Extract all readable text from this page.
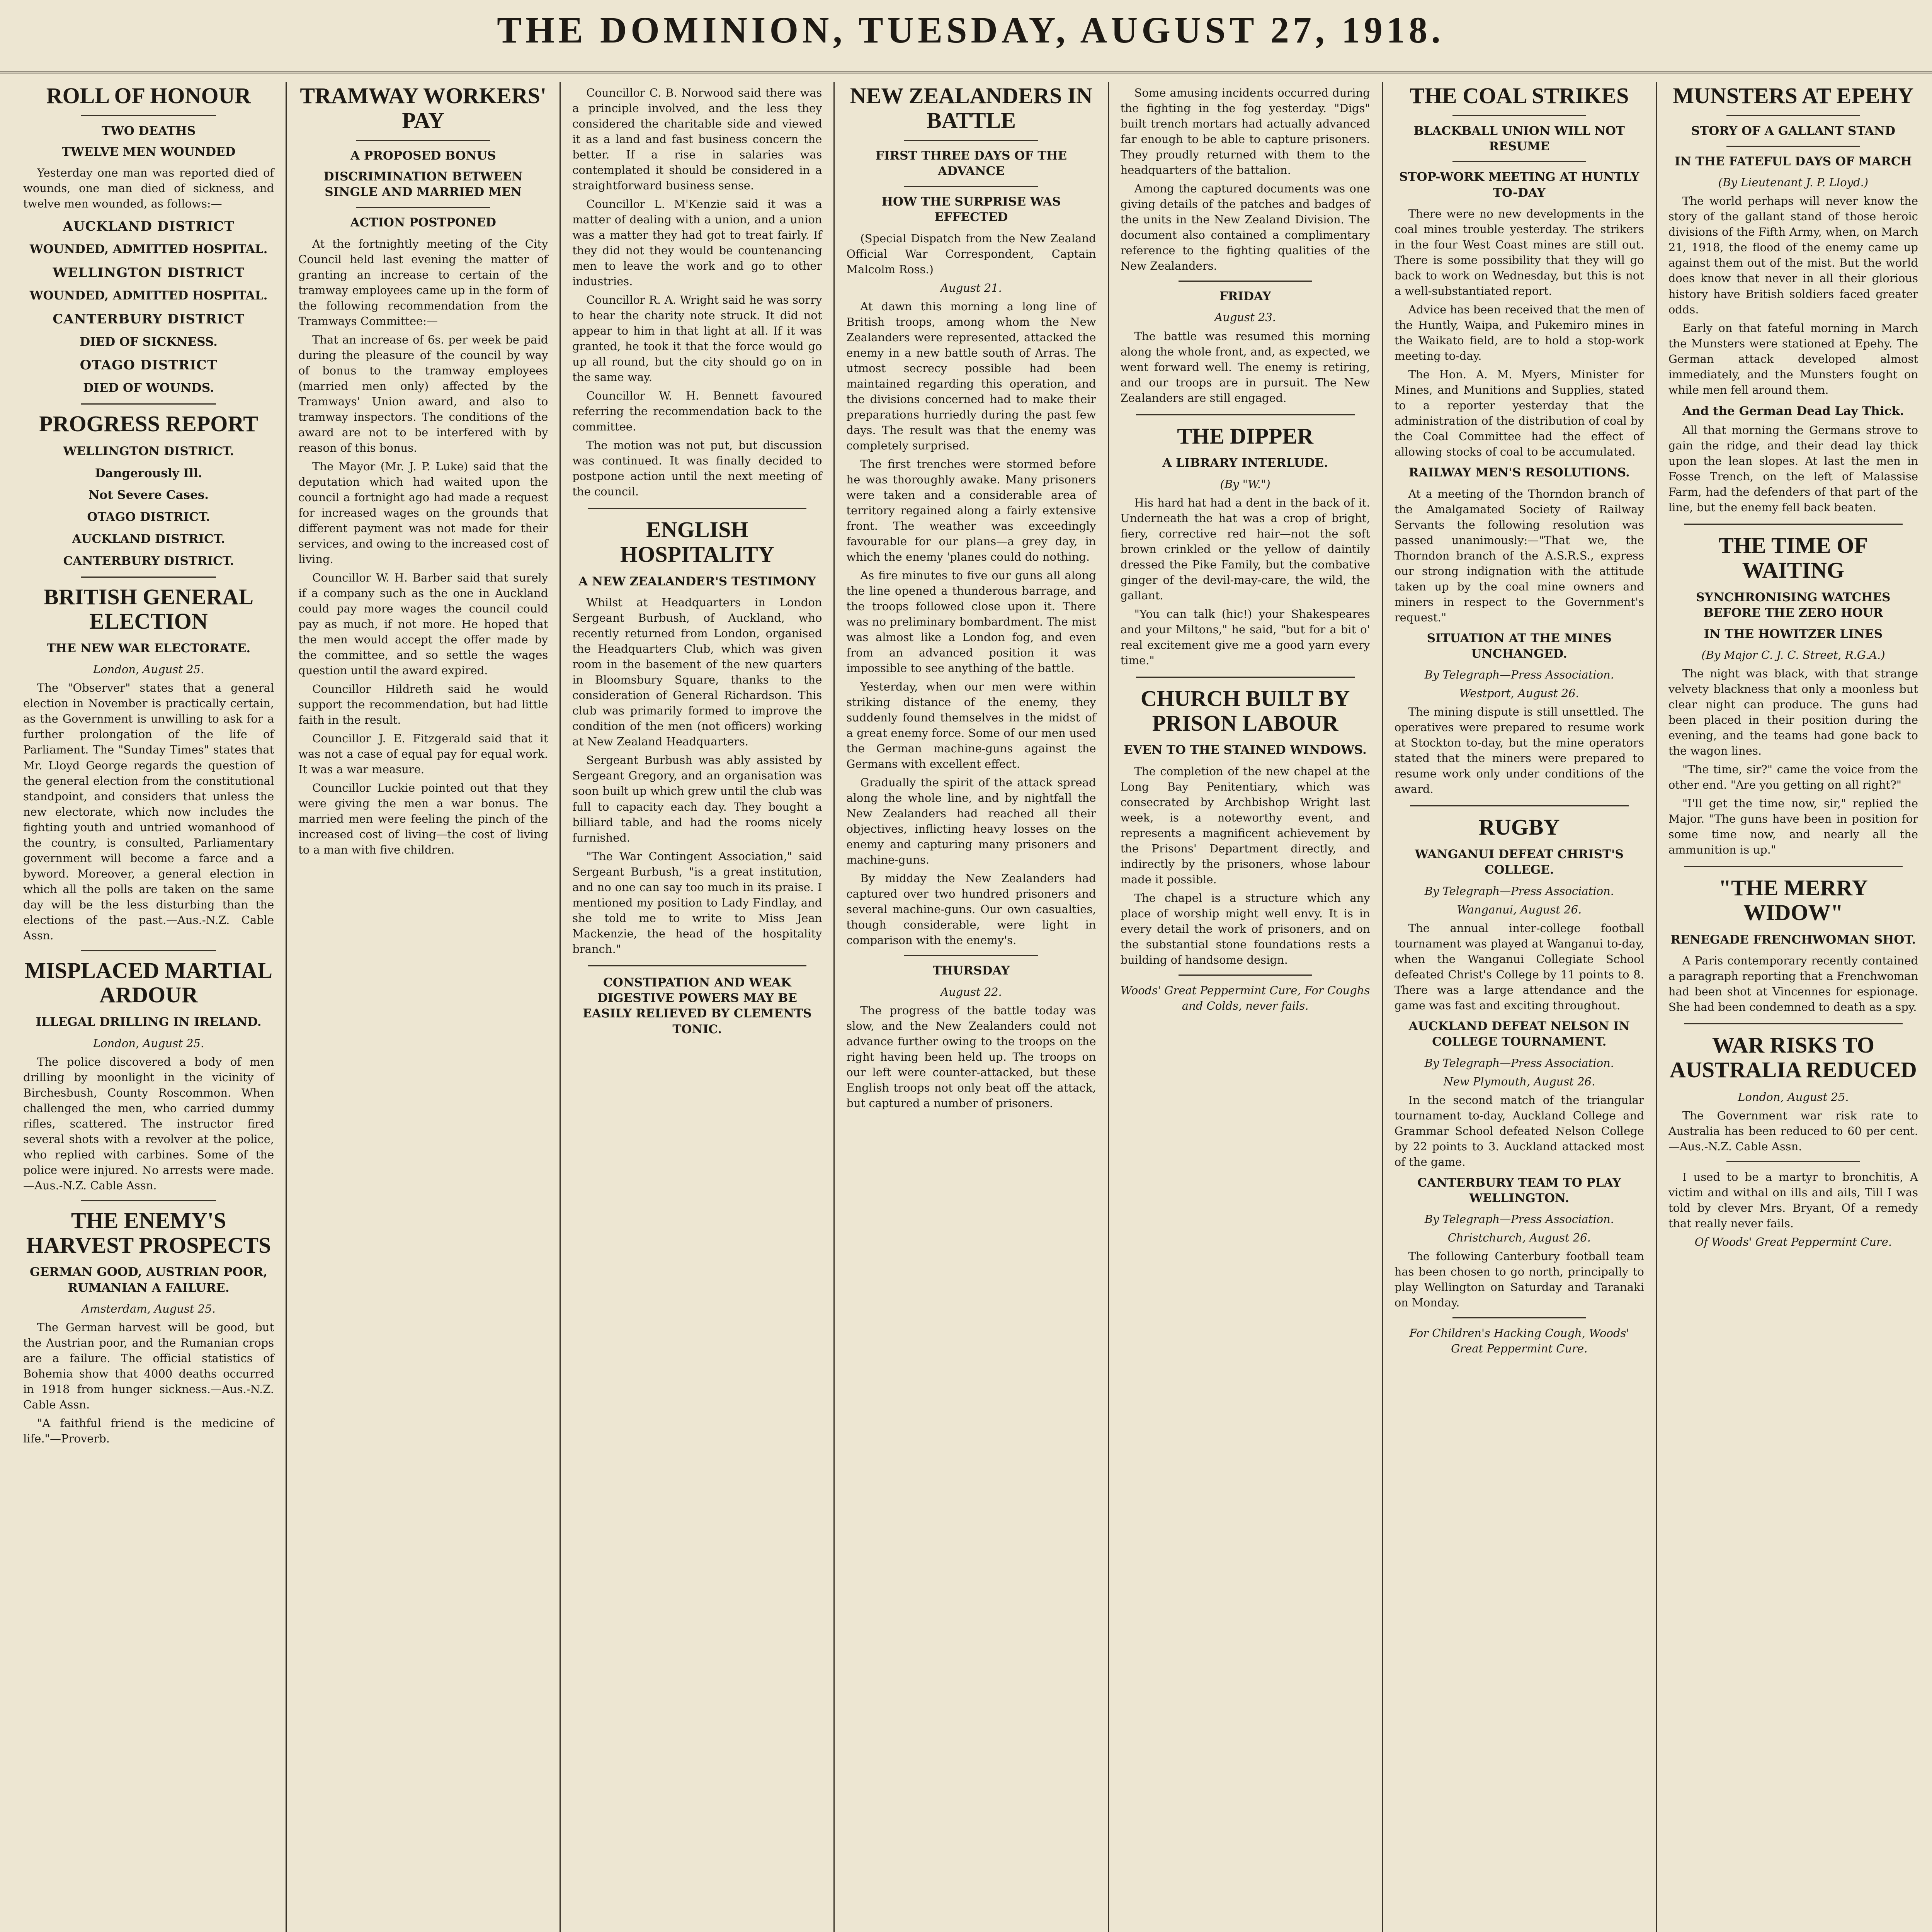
THE DOMINION, TUESDAY, AUGUST 27, 1918.
ROLL OF HONOUR
TWO DEATHS
TWELVE MEN WOUNDED
Yesterday one man was reported died of wounds, one man died of sickness, and twelve men wounded, as follows:—
AUCKLAND DISTRICT
WOUNDED, ADMITTED HOSPITAL.
WELLINGTON DISTRICT
WOUNDED, ADMITTED HOSPITAL.
CANTERBURY DISTRICT
DIED OF SICKNESS.
OTAGO DISTRICT
DIED OF WOUNDS.
PROGRESS REPORT
WELLINGTON DISTRICT.
Dangerously Ill.
Not Severe Cases.
OTAGO DISTRICT.
AUCKLAND DISTRICT.
CANTERBURY DISTRICT.
BRITISH GENERAL ELECTION
THE NEW WAR ELECTORATE.
London, August 25.
The "Observer" states that a general election in November is practically certain, as the Government is unwilling to ask for a further prolongation of the life of Parliament. The "Sunday Times" states that Mr. Lloyd George regards the question of the general election from the constitutional standpoint, and considers that unless the new electorate, which now includes the fighting youth and untried womanhood of the country, is consulted, Parliamentary government will become a farce and a byword. Moreover, a general election in which all the polls are taken on the same day will be the less disturbing than the elections of the past.—Aus.-N.Z. Cable Assn.
MISPLACED MARTIAL ARDOUR
ILLEGAL DRILLING IN IRELAND.
London, August 25.
The police discovered a body of men drilling by moonlight in the vicinity of Birchesbush, County Roscommon. When challenged the men, who carried dummy rifles, scattered. The instructor fired several shots with a revolver at the police, who replied with carbines. Some of the police were injured. No arrests were made.—Aus.-N.Z. Cable Assn.
THE ENEMY'S HARVEST PROSPECTS
GERMAN GOOD, AUSTRIAN POOR, RUMANIAN A FAILURE.
Amsterdam, August 25.
The German harvest will be good, but the Austrian poor, and the Rumanian crops are a failure. The official statistics of Bohemia show that 4000 deaths occurred in 1918 from hunger sickness.—Aus.-N.Z. Cable Assn.
"A faithful friend is the medicine of life."—Proverb.
TRAMWAY WORKERS' PAY
A PROPOSED BONUS
DISCRIMINATION BETWEEN SINGLE AND MARRIED MEN
ACTION POSTPONED
At the fortnightly meeting of the City Council held last evening the matter of granting an increase to certain of the tramway employees came up in the form of the following recommendation from the Tramways Committee:—
That an increase of 6s. per week be paid during the pleasure of the council by way of bonus to the tramway employees (married men only) affected by the Tramways' Union award, and also to tramway inspectors. The conditions of the award are not to be interfered with by reason of this bonus.
The Mayor (Mr. J. P. Luke) said that the deputation which had waited upon the council a fortnight ago had made a request for increased wages on the grounds that different payment was not made for their services, and owing to the increased cost of living.
Councillor W. H. Barber said that surely if a company such as the one in Auckland could pay more wages the council could pay as much, if not more. He hoped that the men would accept the offer made by the committee, and so settle the wages question until the award expired.
Councillor Hildreth said he would support the recommendation, but had little faith in the result.
Councillor J. E. Fitzgerald said that it was not a case of equal pay for equal work. It was a war measure.
Councillor Luckie pointed out that they were giving the men a war bonus. The married men were feeling the pinch of the increased cost of living—the cost of living to a man with five children.
Councillor C. B. Norwood said there was a principle involved, and the less they considered the charitable side and viewed it as a land and fast business concern the better. If a rise in salaries was contemplated it should be considered in a straightforward business sense.
Councillor L. M'Kenzie said it was a matter of dealing with a union, and a union was a matter they had got to treat fairly. If they did not they would be countenancing men to leave the work and go to other industries.
Councillor R. A. Wright said he was sorry to hear the charity note struck. It did not appear to him in that light at all. If it was granted, he took it that the force would go up all round, but the city should go on in the same way.
Councillor W. H. Bennett favoured referring the recommendation back to the committee.
The motion was not put, but discussion was continued. It was finally decided to postpone action until the next meeting of the council.
ENGLISH HOSPITALITY
A NEW ZEALANDER'S TESTIMONY
Whilst at Headquarters in London Sergeant Burbush, of Auckland, who recently returned from London, organised the Headquarters Club, which was given room in the basement of the new quarters in Bloomsbury Square, thanks to the consideration of General Richardson. This club was primarily formed to improve the condition of the men (not officers) working at New Zealand Headquarters.
Sergeant Burbush was ably assisted by Sergeant Gregory, and an organisation was soon built up which grew until the club was full to capacity each day. They bought a billiard table, and had the rooms nicely furnished.
"The War Contingent Association," said Sergeant Burbush, "is a great institution, and no one can say too much in its praise. I mentioned my position to Lady Findlay, and she told me to write to Miss Jean Mackenzie, the head of the hospitality branch."
CONSTIPATION AND WEAK DIGESTIVE POWERS MAY BE EASILY RELIEVED BY CLEMENTS TONIC.
NEW ZEALANDERS IN BATTLE
FIRST THREE DAYS OF THE ADVANCE
HOW THE SURPRISE WAS EFFECTED
(Special Dispatch from the New Zealand Official War Correspondent, Captain Malcolm Ross.)
August 21.
At dawn this morning a long line of British troops, among whom the New Zealanders were represented, attacked the enemy in a new battle south of Arras. The utmost secrecy possible had been maintained regarding this operation, and the divisions concerned had to make their preparations hurriedly during the past few days. The result was that the enemy was completely surprised.
The first trenches were stormed before he was thoroughly awake. Many prisoners were taken and a considerable area of territory regained along a fairly extensive front. The weather was exceedingly favourable for our plans—a grey day, in which the enemy 'planes could do nothing.
As fire minutes to five our guns all along the line opened a thunderous barrage, and the troops followed close upon it. There was no preliminary bombardment. The mist was almost like a London fog, and even from an advanced position it was impossible to see anything of the battle.
Yesterday, when our men were within striking distance of the enemy, they suddenly found themselves in the midst of a great enemy force. Some of our men used the German machine-guns against the Germans with excellent effect.
Gradually the spirit of the attack spread along the whole line, and by nightfall the New Zealanders had reached all their objectives, inflicting heavy losses on the enemy and capturing many prisoners and machine-guns.
By midday the New Zealanders had captured over two hundred prisoners and several machine-guns. Our own casualties, though considerable, were light in comparison with the enemy's.
THURSDAY
August 22.
The progress of the battle today was slow, and the New Zealanders could not advance further owing to the troops on the right having been held up. The troops on our left were counter-attacked, but these English troops not only beat off the attack, but captured a number of prisoners.
Some amusing incidents occurred during the fighting in the fog yesterday. "Digs" built trench mortars had actually advanced far enough to be able to capture prisoners. They proudly returned with them to the headquarters of the battalion.
Among the captured documents was one giving details of the patches and badges of the units in the New Zealand Division. The document also contained a complimentary reference to the fighting qualities of the New Zealanders.
FRIDAY
August 23.
The battle was resumed this morning along the whole front, and, as expected, we went forward well. The enemy is retiring, and our troops are in pursuit. The New Zealanders are still engaged.
THE DIPPER
A LIBRARY INTERLUDE.
(By "W.")
His hard hat had a dent in the back of it. Underneath the hat was a crop of bright, fiery, corrective red hair—not the soft brown crinkled or the yellow of daintily dressed the Pike Family, but the combative ginger of the devil-may-care, the wild, the gallant.
"You can talk (hic!) your Shakespeares and your Miltons," he said, "but for a bit o' real excitement give me a good yarn every time."
CHURCH BUILT BY PRISON LABOUR
EVEN TO THE STAINED WINDOWS.
The completion of the new chapel at the Long Bay Penitentiary, which was consecrated by Archbishop Wright last week, is a noteworthy event, and represents a magnificent achievement by the Prisons' Department directly, and indirectly by the prisoners, whose labour made it possible.
The chapel is a structure which any place of worship might well envy. It is in every detail the work of prisoners, and on the substantial stone foundations rests a building of handsome design.
Woods' Great Peppermint Cure, For Coughs and Colds, never fails.
THE COAL STRIKES
BLACKBALL UNION WILL NOT RESUME
STOP-WORK MEETING AT HUNTLY TO-DAY
There were no new developments in the coal mines trouble yesterday. The strikers in the four West Coast mines are still out. There is some possibility that they will go back to work on Wednesday, but this is not a well-substantiated report.
Advice has been received that the men of the Huntly, Waipa, and Pukemiro mines in the Waikato field, are to hold a stop-work meeting to-day.
The Hon. A. M. Myers, Minister for Mines, and Munitions and Supplies, stated to a reporter yesterday that the administration of the distribution of coal by the Coal Committee had the effect of allowing stocks of coal to be accumulated.
RAILWAY MEN'S RESOLUTIONS.
At a meeting of the Thorndon branch of the Amalgamated Society of Railway Servants the following resolution was passed unanimously:—"That we, the Thorndon branch of the A.S.R.S., express our strong indignation with the attitude taken up by the coal mine owners and miners in respect to the Government's request."
SITUATION AT THE MINES UNCHANGED.
By Telegraph—Press Association.
Westport, August 26.
The mining dispute is still unsettled. The operatives were prepared to resume work at Stockton to-day, but the mine operators stated that the miners were prepared to resume work only under conditions of the award.
RUGBY
WANGANUI DEFEAT CHRIST'S COLLEGE.
By Telegraph—Press Association.
Wanganui, August 26.
The annual inter-college football tournament was played at Wanganui to-day, when the Wanganui Collegiate School defeated Christ's College by 11 points to 8. There was a large attendance and the game was fast and exciting throughout.
AUCKLAND DEFEAT NELSON IN COLLEGE TOURNAMENT.
By Telegraph—Press Association.
New Plymouth, August 26.
In the second match of the triangular tournament to-day, Auckland College and Grammar School defeated Nelson College by 22 points to 3. Auckland attacked most of the game.
CANTERBURY TEAM TO PLAY WELLINGTON.
By Telegraph—Press Association.
Christchurch, August 26.
The following Canterbury football team has been chosen to go north, principally to play Wellington on Saturday and Taranaki on Monday.
For Children's Hacking Cough, Woods' Great Peppermint Cure.
MUNSTERS AT EPEHY
STORY OF A GALLANT STAND
IN THE FATEFUL DAYS OF MARCH
(By Lieutenant J. P. Lloyd.)
The world perhaps will never know the story of the gallant stand of those heroic divisions of the Fifth Army, when, on March 21, 1918, the flood of the enemy came up against them out of the mist. But the world does know that never in all their glorious history have British soldiers faced greater odds.
Early on that fateful morning in March the Munsters were stationed at Epehy. The German attack developed almost immediately, and the Munsters fought on while men fell around them.
And the German Dead Lay Thick.
All that morning the Germans strove to gain the ridge, and their dead lay thick upon the lean slopes. At last the men in Fosse Trench, on the left of Malassise Farm, had the defenders of that part of the line, but the enemy fell back beaten.
THE TIME OF WAITING
SYNCHRONISING WATCHES BEFORE THE ZERO HOUR
IN THE HOWITZER LINES
(By Major C. J. C. Street, R.G.A.)
The night was black, with that strange velvety blackness that only a moonless but clear night can produce. The guns had been placed in their position during the evening, and the teams had gone back to the wagon lines.
"The time, sir?" came the voice from the other end. "Are you getting on all right?"
"I'll get the time now, sir," replied the Major. "The guns have been in position for some time now, and nearly all the ammunition is up."
"THE MERRY WIDOW"
RENEGADE FRENCHWOMAN SHOT.
A Paris contemporary recently contained a paragraph reporting that a Frenchwoman had been shot at Vincennes for espionage. She had been condemned to death as a spy.
WAR RISKS TO AUSTRALIA REDUCED
London, August 25.
The Government war risk rate to Australia has been reduced to 60 per cent.—Aus.-N.Z. Cable Assn.
I used to be a martyr to bronchitis, A victim and withal on ills and ails, Till I was told by clever Mrs. Bryant, Of a remedy that really never fails.
Of Woods' Great Peppermint Cure.
